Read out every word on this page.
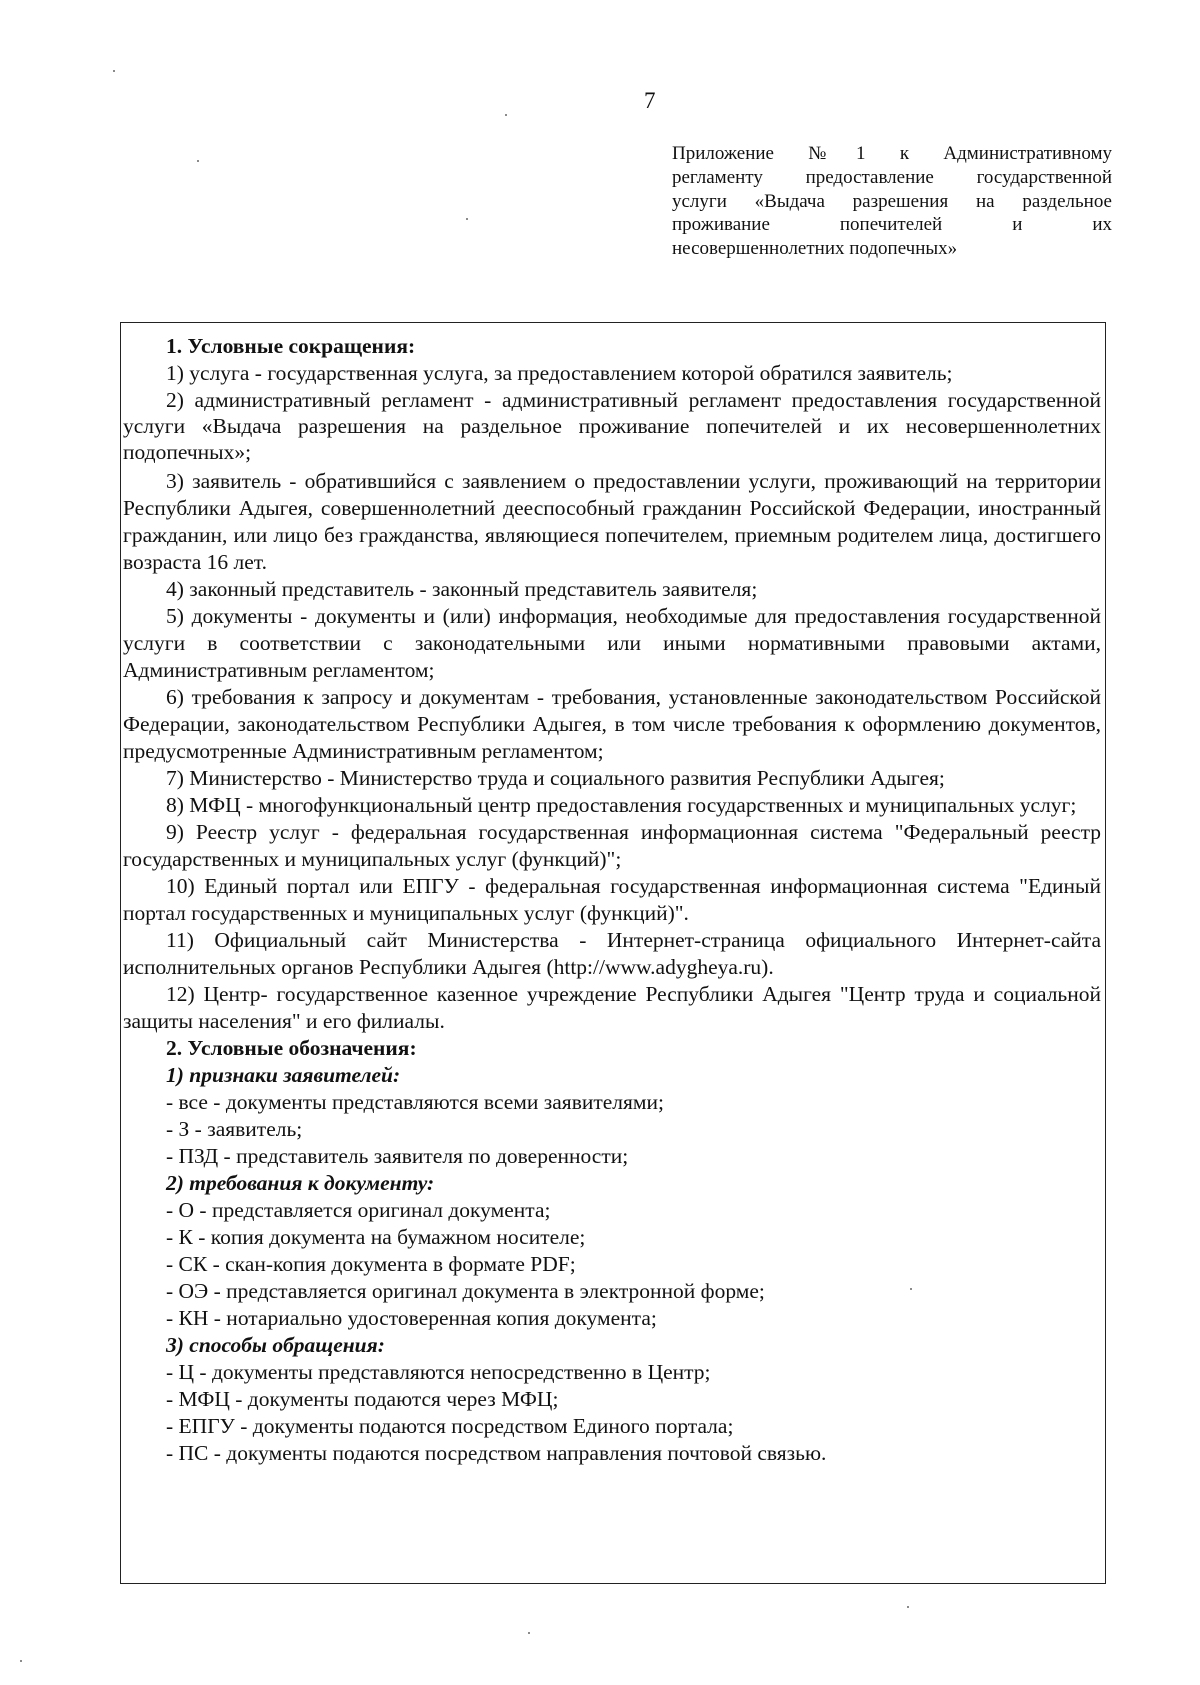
7
Приложение №1 к Административному
регламенту предоставление государственной
услуги «Выдача разрешения на раздельное
проживание попечителей и их
несовершеннолетних подопечных»

1. Условные сокращения:

1) услуга - государственная услуга, за предоставлением которой обратился заявитель;

2) административный регламент - административный регламент предоставления государственной услуги «Выдача разрешения на раздельное проживание попечителей и их несовершеннолетних подопечных»;

3) заявитель - обратившийся с заявлением о предоставлении услуги, проживающий на территории Республики Адыгея, совершеннолетний дееспособный гражданин Российской Федерации, иностранный гражданин, или лицо без гражданства, являющиеся попечителем, приемным родителем лица, достигшего возраста 16 лет.

4) законный представитель - законный представитель заявителя;

5) документы - документы и (или) информация, необходимые для предоставления государственной услуги в соответствии с законодательными или иными нормативными правовыми актами, Административным регламентом;

6) требования к запросу и документам - требования, установленные законодательством Российской Федерации, законодательством Республики Адыгея, в том числе требования к оформлению документов, предусмотренные Административным регламентом;

7) Министерство - Министерство труда и социального развития Республики Адыгея;

8) МФЦ - многофункциональный центр предоставления государственных и муниципальных услуг;

9) Реестр услуг - федеральная государственная информационная система "Федеральный реестр государственных и муниципальных услуг (функций)";

10) Единый портал или ЕПГУ - федеральная государственная информационная система "Единый портал государственных и муниципальных услуг (функций)".

11) Официальный сайт Министерства - Интернет-страница официального Интернет-сайта исполнительных органов Республики Адыгея (http://www.adygheya.ru).

12) Центр- государственное казенное учреждение Республики Адыгея "Центр труда и социальной защиты населения" и его филиалы.

2. Условные обозначения:

1) признаки заявителей:

- все - документы представляются всеми заявителями;

- З - заявитель;

- ПЗД - представитель заявителя по доверенности;

2) требования к документу:

- О - представляется оригинал документа;

- К - копия документа на бумажном носителе;

- СК - скан-копия документа в формате PDF;

- ОЭ - представляется оригинал документа в электронной форме;

- КН - нотариально удостоверенная копия документа;

3) способы обращения:

- Ц - документы представляются непосредственно в Центр;

- МФЦ - документы подаются через МФЦ;

- ЕПГУ - документы подаются посредством Единого портала;

- ПС - документы подаются посредством направления почтовой связью.
